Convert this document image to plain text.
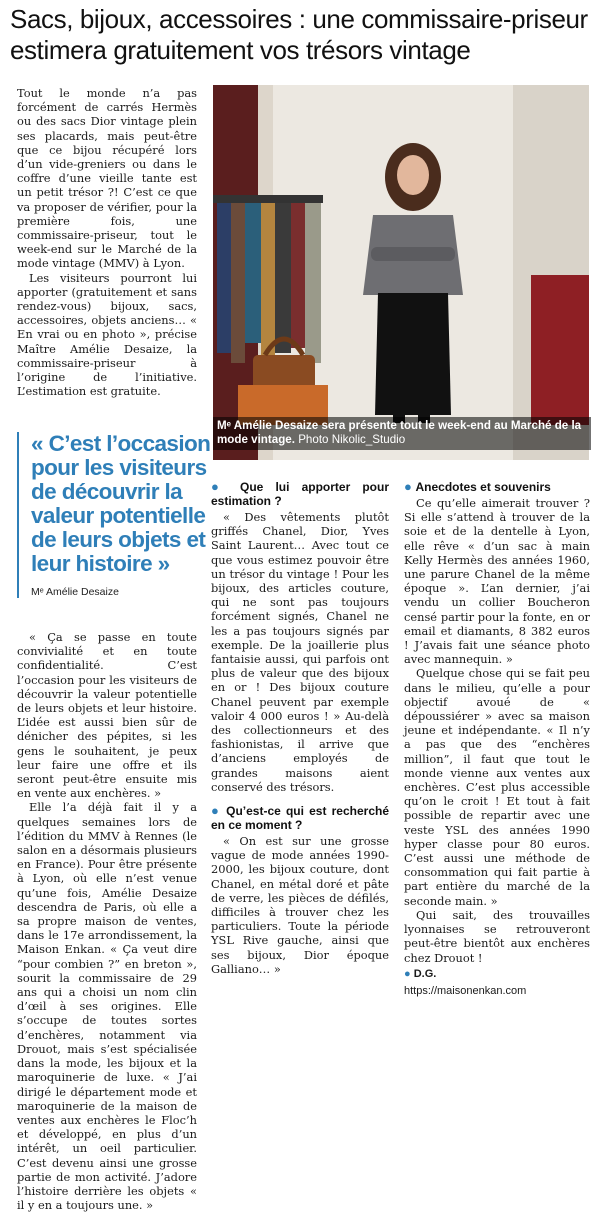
Sacs, bijoux, accessoires : une commissaire-priseur estimera gratuitement vos trésors vintage

Tout le monde n’a pas forcément de carrés Hermès ou des sacs Dior vintage plein ses placards, mais peut-être que ce bijou récupéré lors d’un vide-greniers ou dans le coffre d’une vieille tante est un petit trésor ?! C’est ce que va proposer de vérifier, pour la première fois, une commissaire-priseur, tout le week-end sur le Marché de la mode vintage (MMV) à Lyon.

Les visiteurs pourront lui apporter (gratuitement et sans rendez-vous) bijoux, sacs, accessoires, objets anciens… « En vrai ou en photo », précise Maître Amélie Desaize, la commissaire-priseur à l’origine de l’initiative. L’estimation est gratuite.

Mᵉ Amélie Desaize sera présente tout le week-end au Marché de la mode vintage. Photo Nikolic_Studio

« C’est l’occasion pour les visiteurs de découvrir la valeur potentielle de leurs objets et leur histoire »

Mᵉ Amélie Desaize

« Ça se passe en toute convivialité et en toute confidentialité. C’est l’occasion pour les visiteurs de découvrir la valeur potentielle de leurs objets et leur histoire. L’idée est aussi bien sûr de dénicher des pépites, si les gens le souhaitent, je peux leur faire une offre et ils seront peut-être ensuite mis en vente aux enchères. »

Elle l’a déjà fait il y a quelques semaines lors de l’édition du MMV à Rennes (le salon en a désormais plusieurs en France). Pour être présente à Lyon, où elle n’est venue qu’une fois, Amélie Desaize descendra de Paris, où elle a sa propre maison de ventes, dans le 17e arrondissement, la Maison Enkan. « Ça veut dire “pour combien ?” en breton », sourit la commissaire de 29 ans qui a choisi un nom clin d’œil à ses origines. Elle s’occupe de toutes sortes d’enchères, notamment via Drouot, mais s’est spécialisée dans la mode, les bijoux et la maroquinerie de luxe. « J’ai dirigé le département mode et maroquinerie de la maison de ventes aux enchères le Floc’h et développé, en plus d’un intérêt, un oeil particulier. C’est devenu ainsi une grosse partie de mon activité. J’adore l’histoire derrière les objets « il y en a toujours une. »

● Que lui apporter pour estimation ?

« Des vêtements plutôt griffés Chanel, Dior, Yves Saint Laurent… Avec tout ce que vous estimez pouvoir être un trésor du vintage ! Pour les bijoux, des articles couture, qui ne sont pas toujours forcément signés, Chanel ne les a pas toujours signés par exemple. De la joaillerie plus fantaisie aussi, qui parfois ont plus de valeur que des bijoux en or ! Des bijoux couture Chanel peuvent par exemple valoir 4 000 euros ! » Au-delà des collectionneurs et des fashionistas, il arrive que d’anciens employés de grandes maisons aient conservé des trésors.

● Qu’est-ce qui est recherché en ce moment ?

« On est sur une grosse vague de mode années 1990-2000, les bijoux couture, dont Chanel, en métal doré et pâte de verre, les pièces de défilés, difficiles à trouver chez les particuliers. Toute la période YSL Rive gauche, ainsi que ses bijoux, Dior époque Galliano… »

● Anecdotes et souvenirs

Ce qu’elle aimerait trouver ? Si elle s’attend à trouver de la soie et de la dentelle à Lyon, elle rêve « d’un sac à main Kelly Hermès des années 1960, une parure Chanel de la même époque ». L’an dernier, j’ai vendu un collier Boucheron censé partir pour la fonte, en or email et diamants, 8 382 euros ! J’avais fait une séance photo avec mannequin. »

Quelque chose qui se fait peu dans le milieu, qu’elle a pour objectif avoué de « dépoussiérer » avec sa maison jeune et indépendante. « Il n’y a pas que des “enchères million”, il faut que tout le monde vienne aux ventes aux enchères. C’est plus accessible qu’on le croit ! Et tout à fait possible de repartir avec une veste YSL des années 1990 hyper classe pour 80 euros. C’est aussi une méthode de consommation qui fait partie à part entière du marché de la seconde main. »

Qui sait, des trouvailles lyonnaises se retrouveront peut-être bientôt aux enchères chez Drouot !

● D.G.
https://maisonenkan.com
